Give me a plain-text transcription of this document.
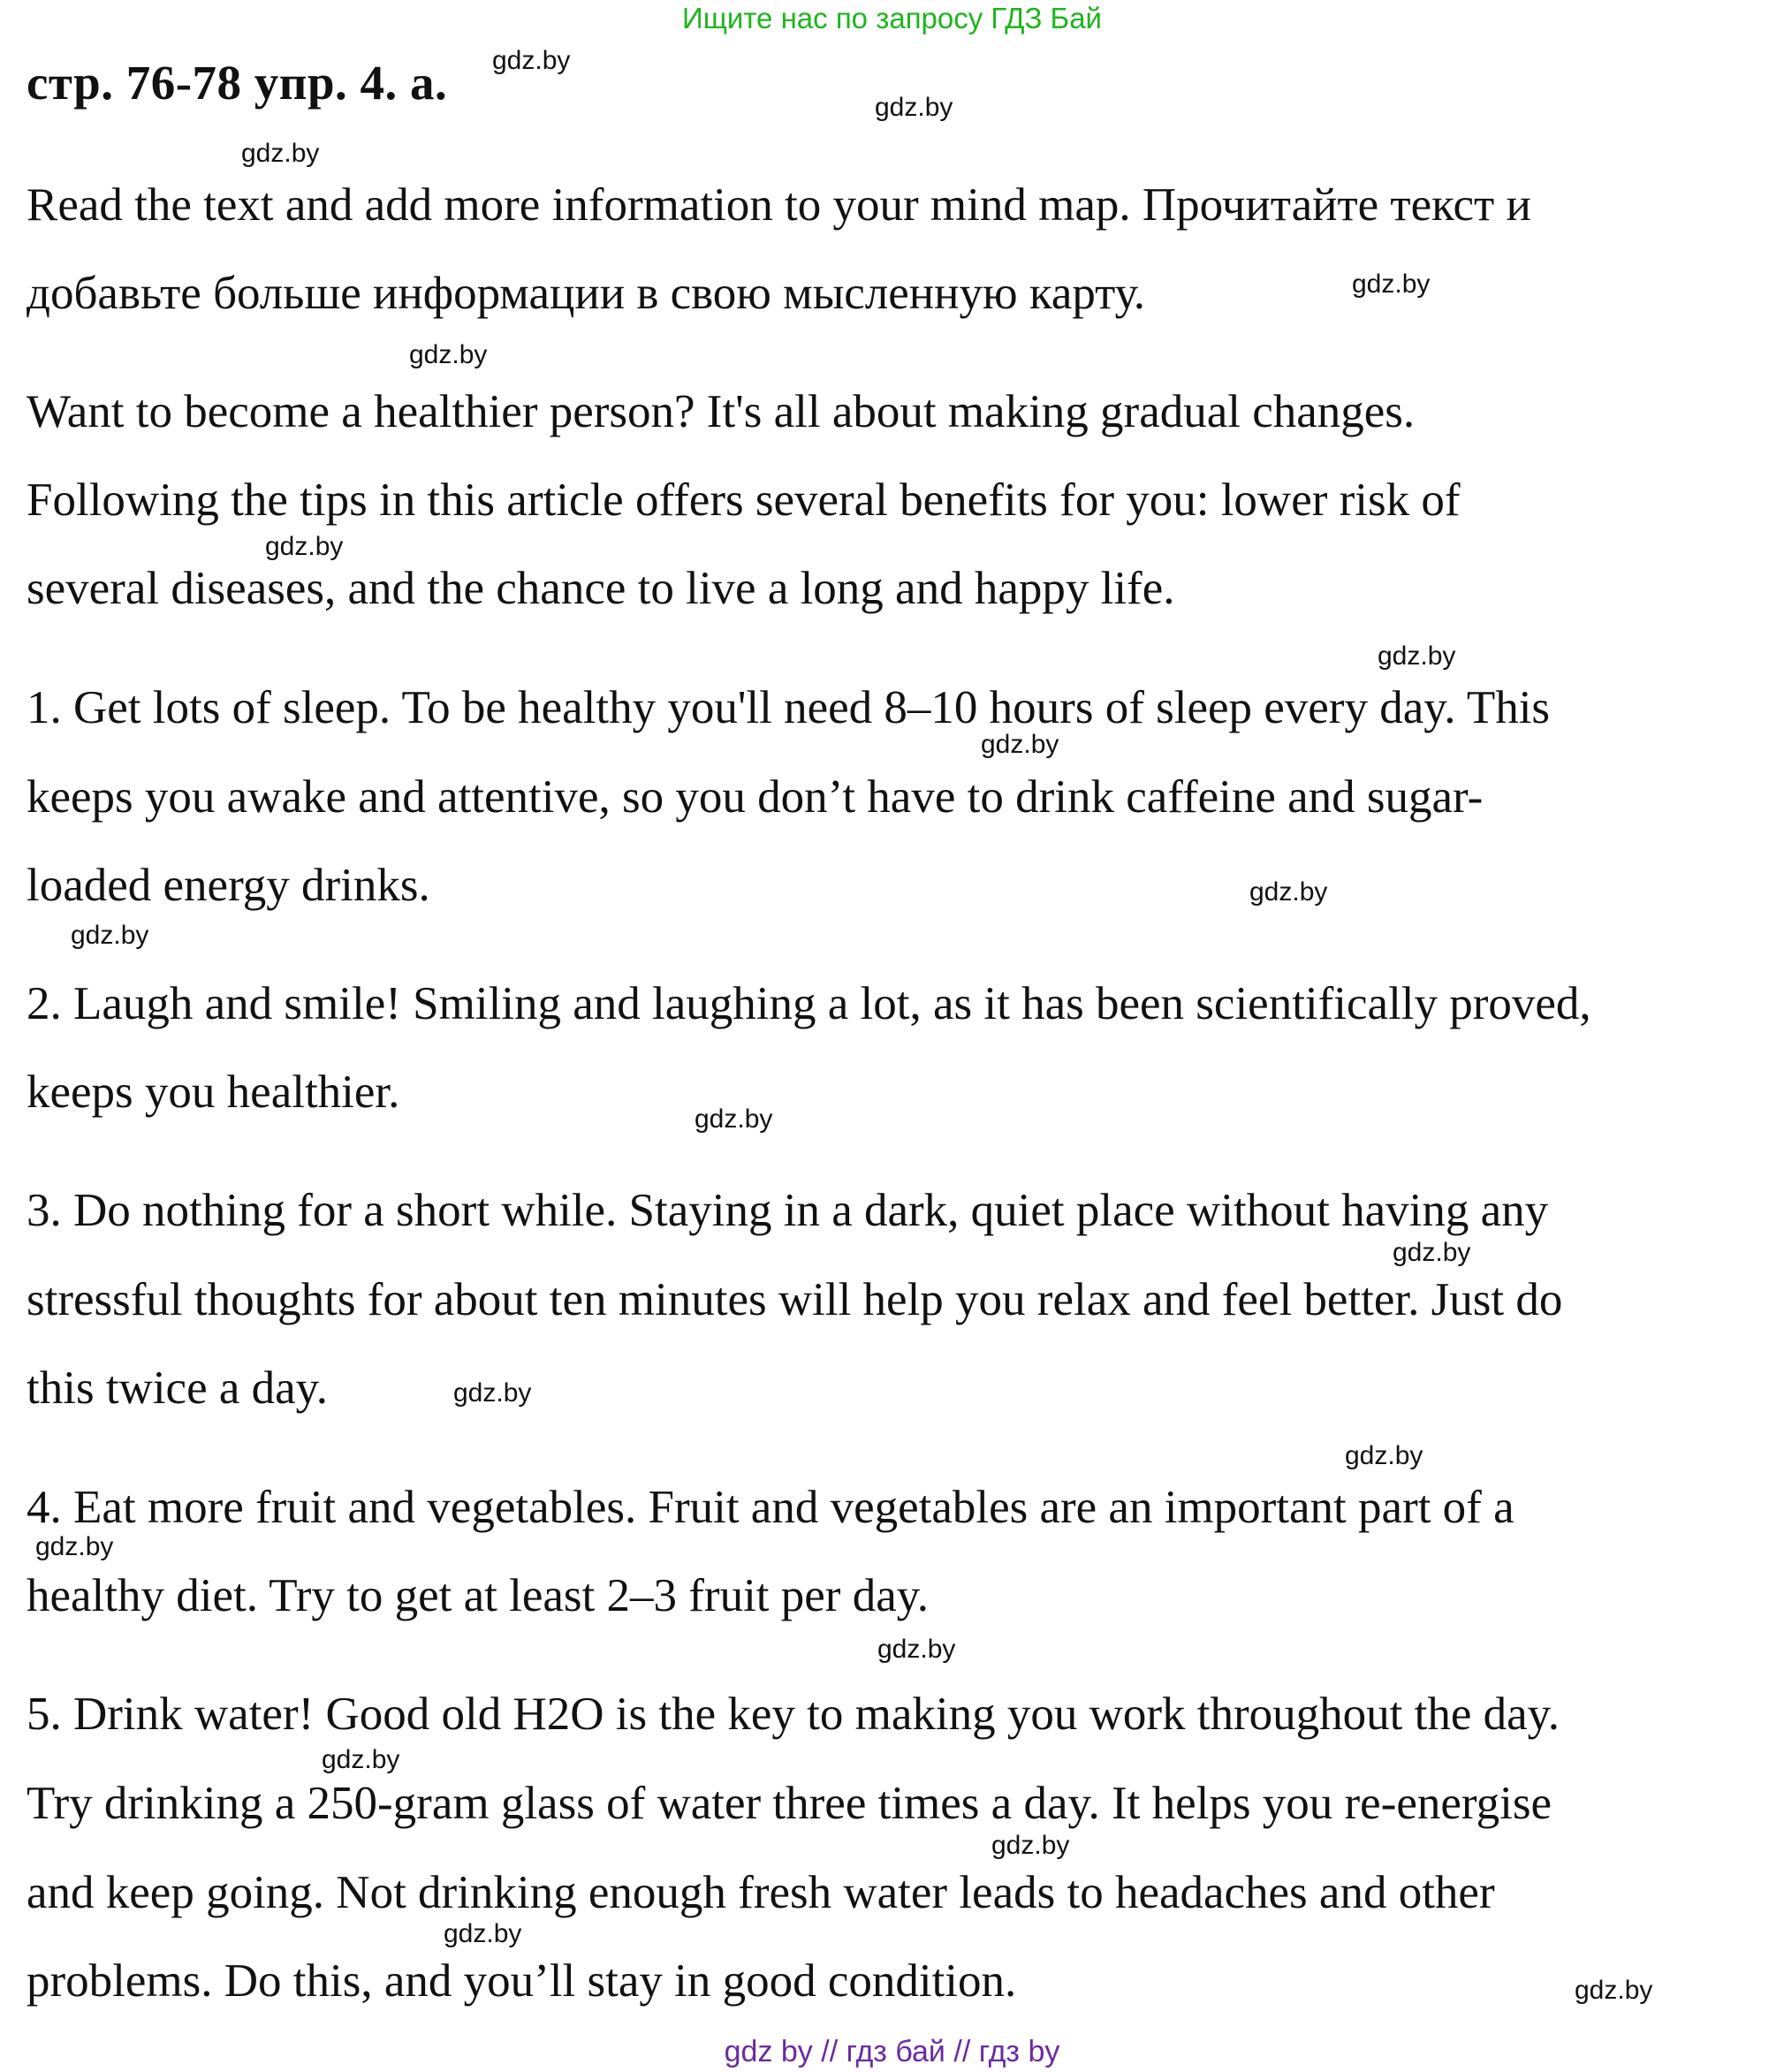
Ищите нас по запросу ГДЗ Бай
стр. 76-78 упр. 4. а.
Read the text and add more information to your mind map. Прочитайте текст и
добавьте больше информации в свою мысленную карту.
Want to become a healthier person? It's all about making gradual changes.
Following the tips in this article offers several benefits for you: lower risk of
several diseases, and the chance to live a long and happy life.
1. Get lots of sleep. To be healthy you'll need 8–10 hours of sleep every day. This
keeps you awake and attentive, so you don’t have to drink caffeine and sugar-
loaded energy drinks.
2. Laugh and smile! Smiling and laughing a lot, as it has been scientifically proved,
keeps you healthier.
3. Do nothing for a short while. Staying in a dark, quiet place without having any
stressful thoughts for about ten minutes will help you relax and feel better. Just do
this twice a day.
4. Eat more fruit and vegetables. Fruit and vegetables are an important part of a
healthy diet. Try to get at least 2–3 fruit per day.
5. Drink water! Good old H2O is the key to making you work throughout the day.
Try drinking a 250-gram glass of water three times a day. It helps you re-energise
and keep going. Not drinking enough fresh water leads to headaches and other
problems. Do this, and you’ll stay in good condition.
gdz.by
gdz.by
gdz.by
gdz.by
gdz.by
gdz.by
gdz.by
gdz.by
gdz.by
gdz.by
gdz.by
gdz.by
gdz.by
gdz.by
gdz.by
gdz.by
gdz.by
gdz.by
gdz.by
gdz.by
gdz by // гдз бай // гдз by
